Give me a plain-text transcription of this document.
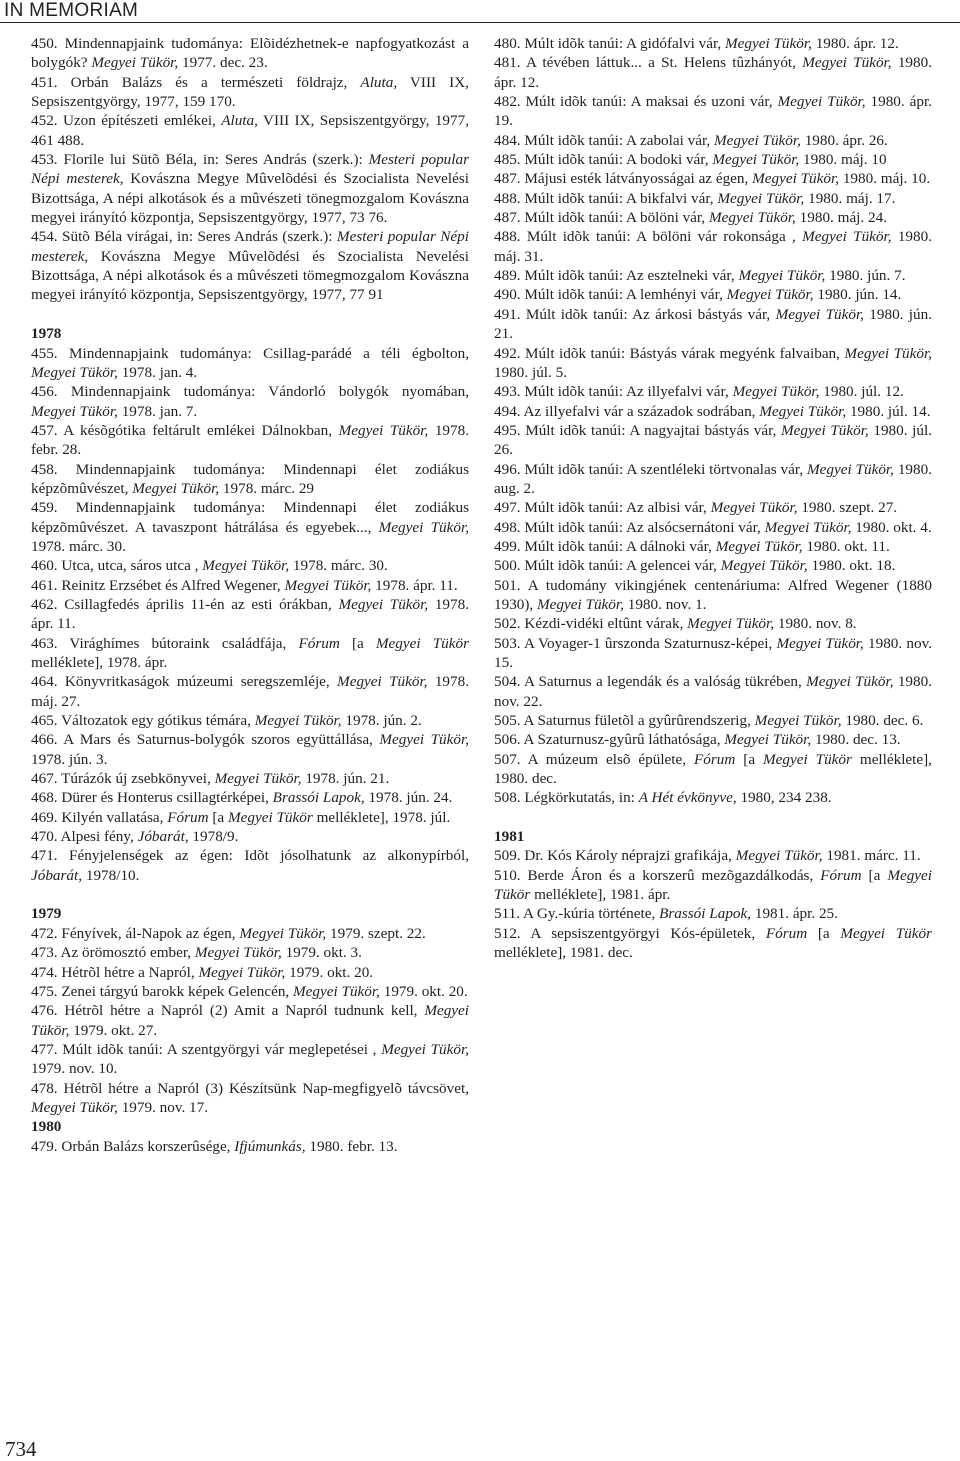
IN MEMORIAM

450. Mindennapjaink tudománya: Elõidézhetnek-e napfogyatkozást a bolygók? Megyei Tükör, 1977. dec. 23.

451. Orbán Balázs és a természeti földrajz, Aluta, VIII IX, Sepsiszentgyörgy, 1977, 159 170.

452. Uzon építészeti emlékei, Aluta, VIII IX, Sepsiszentgyörgy, 1977, 461 488.

453. Florile lui Sütõ Béla, in: Seres András (szerk.): Mesteri popular Népi mesterek, Kovászna Megye Mûvelõdési és Szocialista Nevelési Bizottsága, A népi alkotások és a mûvészeti tönegmozgalom Kovászna megyei irányító központja, Sepsiszentgyörgy, 1977, 73 76.

454. Sütõ Béla virágai, in: Seres András (szerk.): Mesteri popular Népi mesterek, Kovászna Megye Mûvelõdési és Szocialista Nevelési Bizottsága, A népi alkotások és a mûvészeti tömegmozgalom Kovászna megyei irányító központja, Sepsiszentgyörgy, 1977, 77 91

1978

455. Mindennapjaink tudománya: Csillag-parádé a téli égbolton, Megyei Tükör, 1978. jan. 4.

456. Mindennapjaink tudománya: Vándorló bolygók nyomában, Megyei Tükör, 1978. jan. 7.

457. A késõgótika feltárult emlékei Dálnokban, Megyei Tükör, 1978. febr. 28.

458. Mindennapjaink tudománya: Mindennapi élet zodiákus képzõmûvészet, Megyei Tükör, 1978. márc. 29

459. Mindennapjaink tudománya: Mindennapi élet zodiákus képzõmûvészet. A tavaszpont hátrálása és egyebek..., Megyei Tükör, 1978. márc. 30.

460. Utca, utca, sáros utca , Megyei Tükör, 1978. márc. 30.

461. Reinitz Erzsébet és Alfred Wegener, Megyei Tükör, 1978. ápr. 11.

462. Csillagfedés április 11-én az esti órákban, Megyei Tükör, 1978. ápr. 11.

463. Virághímes bútoraink családfája, Fórum [a Megyei Tükör melléklete], 1978. ápr.

464. Könyvritkaságok múzeumi seregszemléje, Megyei Tükör, 1978. máj. 27.

465. Változatok egy gótikus témára, Megyei Tükör, 1978. jún. 2.

466. A Mars és Saturnus-bolygók szoros együttállása, Megyei Tükör, 1978. jún. 3.

467. Túrázók új zsebkönyvei, Megyei Tükör, 1978. jún. 21.

468. Dürer és Honterus csillagtérképei, Brassói Lapok, 1978. jún. 24.

469. Kilyén vallatása, Fórum [a Megyei Tükör melléklete], 1978. júl.

470. Alpesi fény, Jóbarát, 1978/9.

471. Fényjelenségek az égen: Idõt jósolhatunk az alkonypírból, Jóbarát, 1978/10.

1979

472. Fényívek, ál-Napok az égen, Megyei Tükör, 1979. szept. 22.

473. Az örömosztó ember, Megyei Tükör, 1979. okt. 3.

474. Hétrõl hétre a Napról, Megyei Tükör, 1979. okt. 20.

475. Zenei tárgyú barokk képek Gelencén, Megyei Tükör, 1979. okt. 20.

476. Hétrõl hétre a Napról (2) Amit a Napról tudnunk kell, Megyei Tükör, 1979. okt. 27.

477. Múlt idõk tanúi: A szentgyörgyi vár meglepetései , Megyei Tükör, 1979. nov. 10.

478. Hétrõl hétre a Napról (3) Készítsünk Nap-megfigyelõ távcsövet, Megyei Tükör, 1979. nov. 17.

1980

479. Orbán Balázs korszerûsége, Ifjúmunkás, 1980. febr. 13.

480. Múlt idõk tanúi: A gidófalvi vár, Megyei Tükör, 1980. ápr. 12.

481. A tévében láttuk... a St. Helens tûzhányót, Megyei Tükör, 1980. ápr. 12.

482. Múlt idõk tanúi: A maksai és uzoni vár, Megyei Tükör, 1980. ápr. 19.

484. Múlt idõk tanúi: A zabolai vár, Megyei Tükör, 1980. ápr. 26.

485. Múlt idõk tanúi: A bodoki vár, Megyei Tükör, 1980. máj. 10

487. Májusi esték látványosságai az égen, Megyei Tükör, 1980. máj. 10.

488. Múlt idõk tanúi: A bikfalvi vár, Megyei Tükör, 1980. máj. 17.

487. Múlt idõk tanúi: A bölöni vár, Megyei Tükör, 1980. máj. 24.

488. Múlt idõk tanúi: A bölöni vár rokonsága , Megyei Tükör, 1980. máj. 31.

489. Múlt idõk tanúi: Az esztelneki vár, Megyei Tükör, 1980. jún. 7.

490. Múlt idõk tanúi: A lemhényi vár, Megyei Tükör, 1980. jún. 14.

491. Múlt idõk tanúi: Az árkosi bástyás vár, Megyei Tükör, 1980. jún. 21.

492. Múlt idõk tanúi: Bástyás várak megyénk falvaiban, Megyei Tükör, 1980. júl. 5.

493. Múlt idõk tanúi: Az illyefalvi vár, Megyei Tükör, 1980. júl. 12.

494. Az illyefalvi vár a századok sodrában, Megyei Tükör, 1980. júl. 14.

495. Múlt idõk tanúi: A nagyajtai bástyás vár, Megyei Tükör, 1980. júl. 26.

496. Múlt idõk tanúi: A szentléleki törtvonalas vár, Megyei Tükör, 1980. aug. 2.

497. Múlt idõk tanúi: Az albisi vár, Megyei Tükör, 1980. szept. 27.

498. Múlt idõk tanúi: Az alsócsernátoni vár, Megyei Tükör, 1980. okt. 4.

499. Múlt idõk tanúi: A dálnoki vár, Megyei Tükör, 1980. okt. 11.

500. Múlt idõk tanúi: A gelencei vár, Megyei Tükör, 1980. okt. 18.

501. A tudomány vikingjének centenáriuma: Alfred Wegener (1880 1930), Megyei Tükör, 1980. nov. 1.

502. Kézdi-vidéki eltûnt várak, Megyei Tükör, 1980. nov. 8.

503. A Voyager-1 ûrszonda Szaturnusz-képei, Megyei Tükör, 1980. nov. 15.

504. A Saturnus a legendák és a valóság tükrében, Megyei Tükör, 1980. nov. 22.

505. A Saturnus fületõl a gyûrûrendszerig, Megyei Tükör, 1980. dec. 6.

506. A Szaturnusz-gyûrû láthatósága, Megyei Tükör, 1980. dec. 13.

507. A múzeum elsõ épülete, Fórum [a Megyei Tükör melléklete], 1980. dec.

508. Légkörkutatás, in: A Hét évkönyve, 1980, 234 238.

1981

509. Dr. Kós Károly néprajzi grafikája, Megyei Tükör, 1981. márc. 11.

510. Berde Áron és a korszerû mezõgazdálkodás, Fórum [a Megyei Tükör melléklete], 1981. ápr.

511. A Gy.-kúria története, Brassói Lapok, 1981. ápr. 25.

512. A sepsiszentgyörgyi Kós-épületek, Fórum [a Megyei Tükör melléklete], 1981. dec.

734
